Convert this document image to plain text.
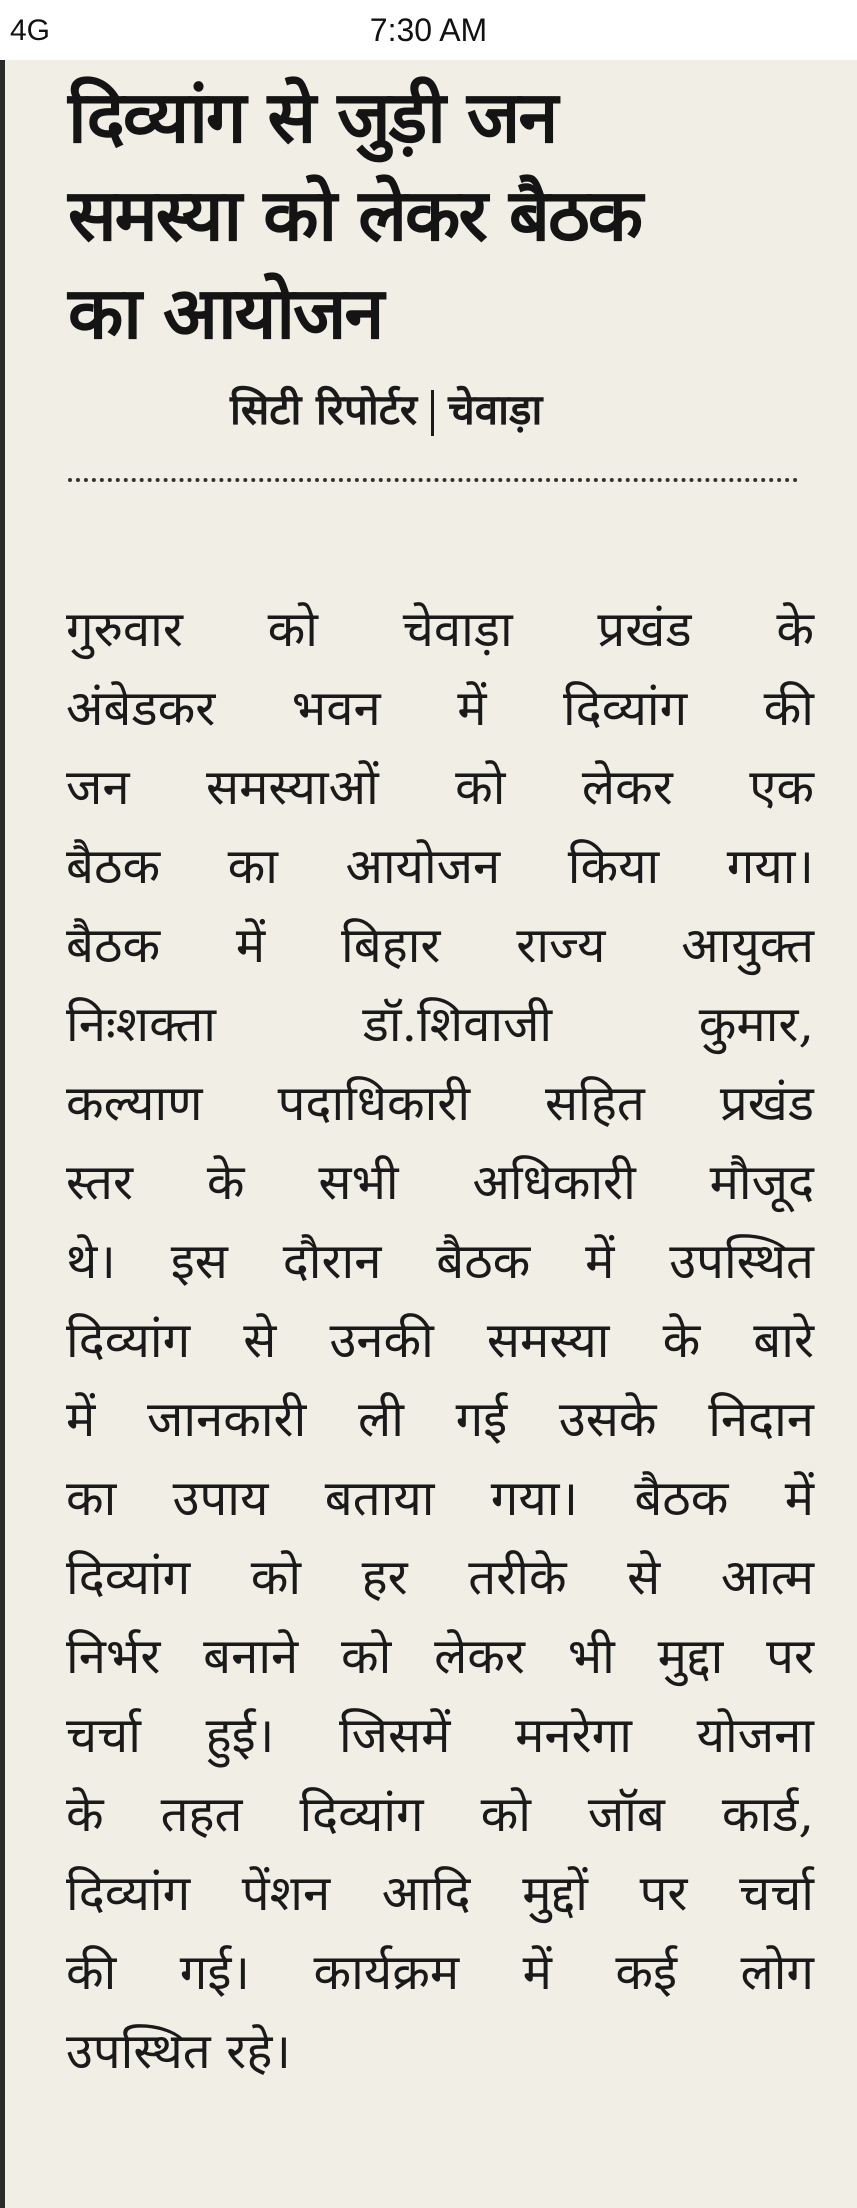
4G	7:30 AM
दिव्यांग से जुड़ी जन
समस्या को लेकर बैठक
का आयोजन
सिटी रिपोर्टर चेवाड़ा
गुरुवार को चेवाड़ा प्रखंड के
अंबेडकर भवन में दिव्यांग की
जन समस्याओं को लेकर एक
बैठक का आयोजन किया गया।
बैठक में बिहार राज्य आयुक्त
निःशक्ता डॉ.शिवाजी कुमार,
कल्याण पदाधिकारी सहित प्रखंड
स्तर के सभी अधिकारी मौजूद
थे। इस दौरान बैठक में उपस्थित
दिव्यांग से उनकी समस्या के बारे
में जानकारी ली गई उसके निदान
का उपाय बताया गया। बैठक में
दिव्यांग को हर तरीके से आत्म
निर्भर बनाने को लेकर भी मुद्दा पर
चर्चा हुई। जिसमें मनरेगा योजना
के तहत दिव्यांग को जॉब कार्ड,
दिव्यांग पेंशन आदि मुद्दों पर चर्चा
की गई। कार्यक्रम में कई लोग
उपस्थित रहे।
